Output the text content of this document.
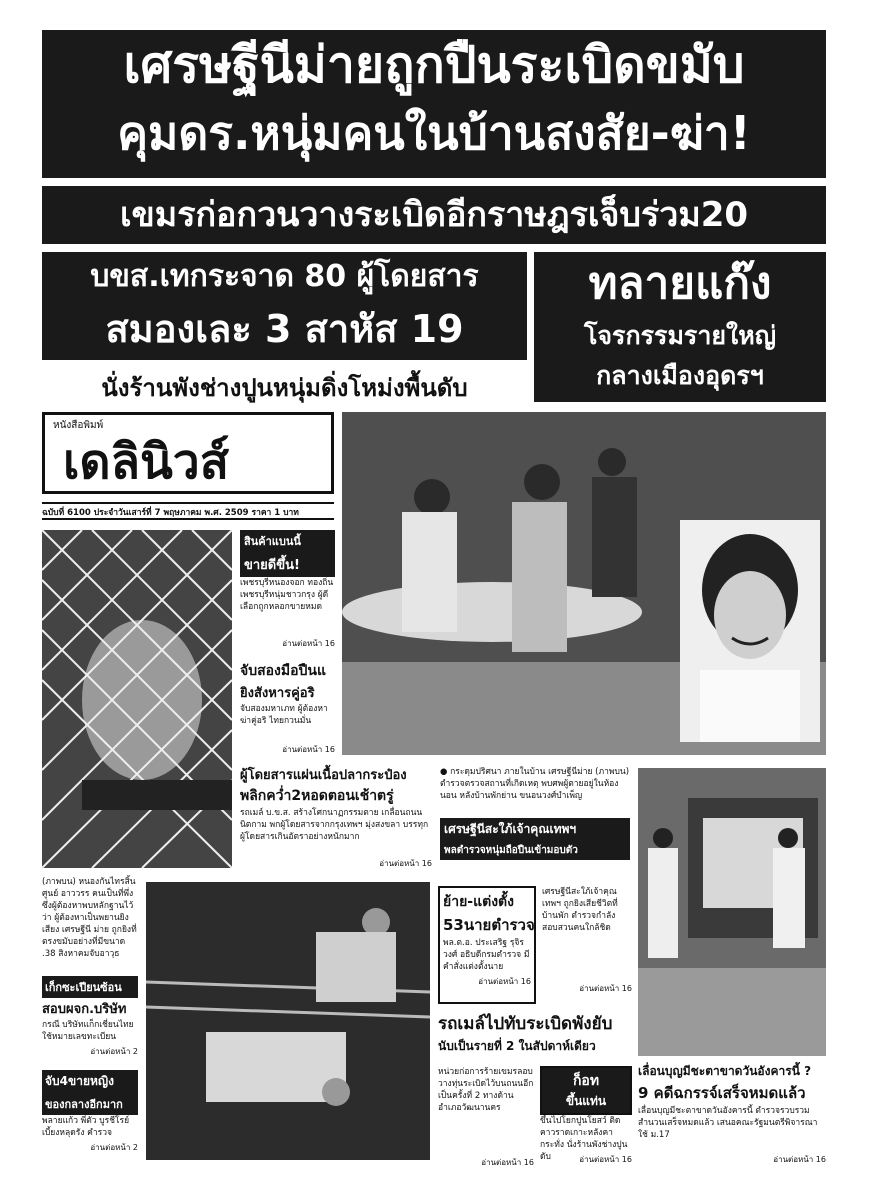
เศรษฐีนีม่ายถูกปืนระเบิดขมับ
คุมดร.หนุ่มคนในบ้านสงสัย-ฆ่า!
เขมรก่อกวนวางระเบิดอีกราษฎรเจ็บร่วม20
บขส.เทกระจาด 80 ผู้โดยสาร
สมองเละ 3 สาหัส 19
นั่งร้านพังช่างปูนหนุ่มดิ่งโหม่งพื้นดับ
ทลายแก๊ง
โจรกรรมรายใหญ่
กลางเมืองอุดรฯ
หนังสือพิมพ์
เดลินิวส์
ฉบับที่ 6100 ประจำวันเสาร์ที่ 7 พฤษภาคม พ.ศ. 2509 ราคา 1 บาท
สินค้าแบนนี้
ขายดีขึ้น!
เพชรบุรีหนองจอก ทองถิ่น เพชรบุรีหนุ่มชาวกรุง ผู้ดีเลือกถูกหลอกขายหมด
อ่านต่อหน้า 16
จับสองมือปืนแ
ยิงสังหารคู่อริ
จับสองมหาเภท ผู้ต้องหาฆ่าคู่อริ ไทยกวนมั่น
อ่านต่อหน้า 16
ผู้โดยสารแผ่นเนื้อปลากระป๋อง
พลิกคว่ำ2หอดตอนเช้าตรู่
รถเมล์ บ.ข.ส. สร้างโศกนาฏกรรมตาย เกลื่อนถนนนิตกาม พกผู้โดยสารจากกรุงเทพฯ มุ่งสงขลา บรรทุกผู้โดยสารเกินอัตราอย่างหนักมาก
อ่านต่อหน้า 16
● กระดุมปริศนา ภายในบ้าน เศรษฐีนีม่าย (ภาพบน) ตำรวจตรวจสถานที่เกิดเหตุ พบศพผู้ตายอยู่ในห้องนอน หลังบ้านพักย่าน ขนอนวงศ์บำเพ็ญ
เศรษฐีนีสะใภ้เจ้าคุณเทพฯ
พลตำรวจหนุ่มถือปืนเข้ามอบตัว
(ภาพบน) หนองกันไทรสิ้น ศูนย์ อาววรร คนเป็นที่พึ่ง ซึ่งผู้ต้องหาพบหลักฐานไว้ว่า ผู้ต้องหาเป็นพยานยิงเสียง เศรษฐีนี ม่าย ถูกยิงที่ตรงขมับอย่างที่มีขนาด .38 สิงหาคมจับอาวุธ
เก็กซะเปียนซ้อน
สอบผจก.บริษัท
กรณี บริษัทแก็กเชี่ยนไทย ใช้หมายเลขทะเบียน
อ่านต่อหน้า 2
จับ4ขายหญิง
ของกลางอีกมาก
พลายแก้ว พี่ตัว บูรชีโรย์ เบี้ยงหลุดรัง คำรวจ
อ่านต่อหน้า 2
ย้าย-แต่งตั้ง
53นายตำรวจ
พล.ต.อ. ประเสริฐ รุจิรวงศ์ อธิบดีกรมตำรวจ มีคำสั่งแต่งตั้งนาย
อ่านต่อหน้า 16
เศรษฐีนีสะใภ้เจ้าคุณเทพฯ ถูกยิงเสียชีวิตที่บ้านพัก ตำรวจกำลังสอบสวนคนใกล้ชิด
อ่านต่อหน้า 16
รถเมล์ไปทับระเบิดพังยับ
นับเป็นรายที่ 2 ในสัปดาห์เดียว
หน่วยก่อการร้ายเขมรลอบวางทุ่นระเบิดไว้บนถนนอีกเป็นครั้งที่ 2 ทางด้านอำเภอวัฒนานคร
อ่านต่อหน้า 16
ก็อท
ขึ้นแท่น
ขึ้นไปโยกปูนโยสว์ ติดคาวราดเกาะหลังคากระทั่ง นั่งร้านพังช่างปูนดับ	อ่านต่อหน้า 16
เลื่อนบุญมีชะตาขาดวันอังคารนี้ ?
9 คดีฉกรรจ์เสร็จหมดแล้ว
เลื่อนบุญมีชะตาขาดวันอังคารนี้ ตำรวจรวบรวมสำนวนเสร็จหมดแล้ว เสนอคณะรัฐมนตรีพิจารณาใช้ ม.17
อ่านต่อหน้า 16
